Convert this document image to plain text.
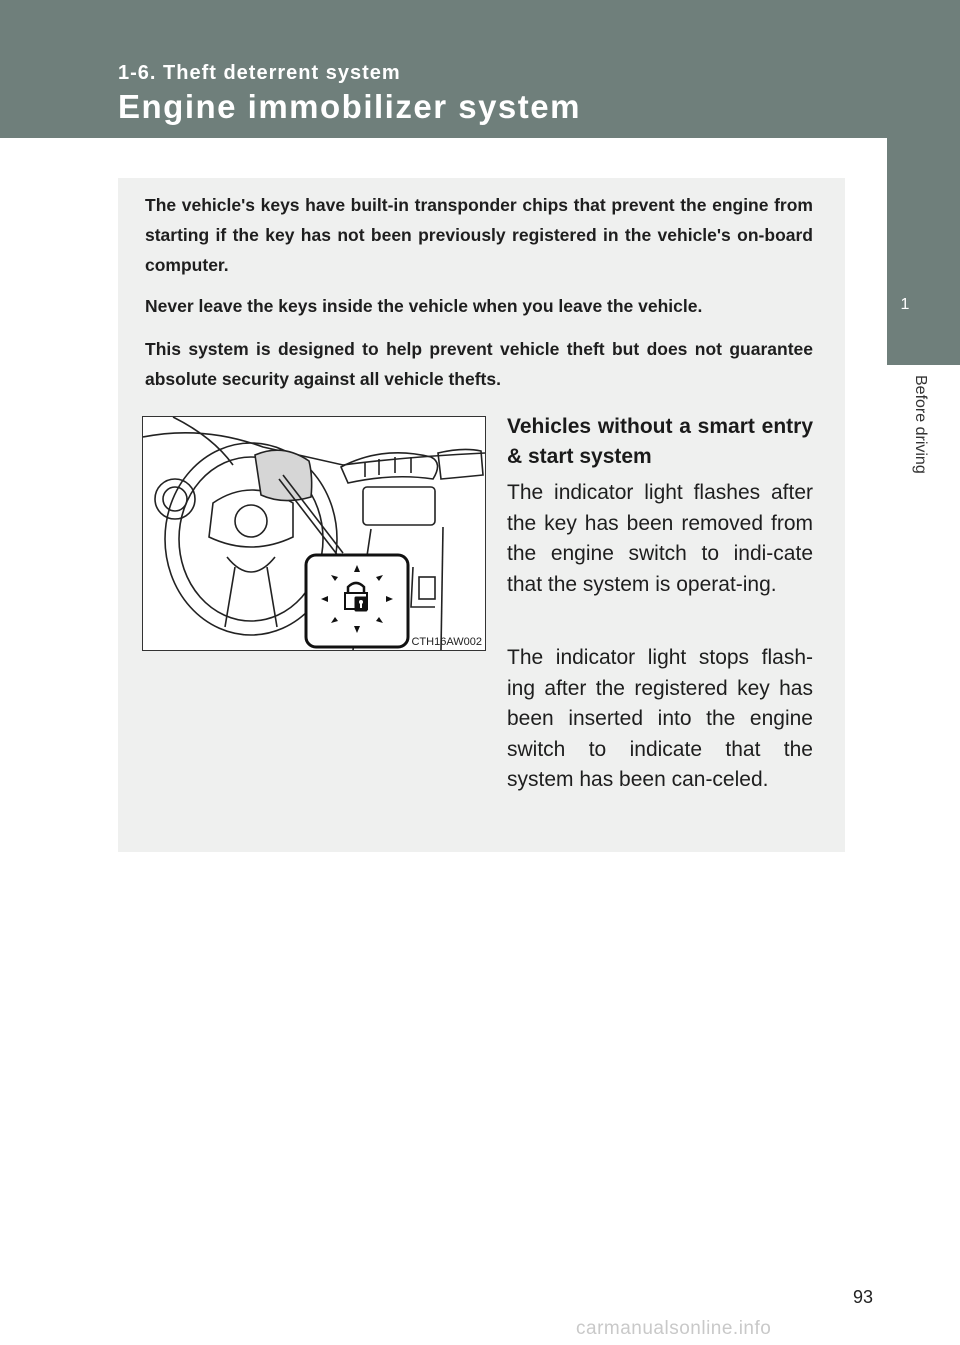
1-6. Theft deterrent system
Engine immobilizer system
1
Before driving

The vehicle's keys have built-in transponder chips that prevent the engine from starting if the key has not been previously registered in the vehicle's on-board computer.

Never leave the keys inside the vehicle when you leave the vehicle.

This system is designed to help prevent vehicle theft but does not guarantee absolute security against all vehicle thefts.

CTH16AW002

Vehicles without a smart entry & start system

The indicator light flashes after the key has been removed from the engine switch to indi-cate that the system is operat-ing.

The indicator light stops flash-ing after the registered key has been inserted into the engine switch to indicate that the system has been can-celed.

93
carmanualsonline.info
